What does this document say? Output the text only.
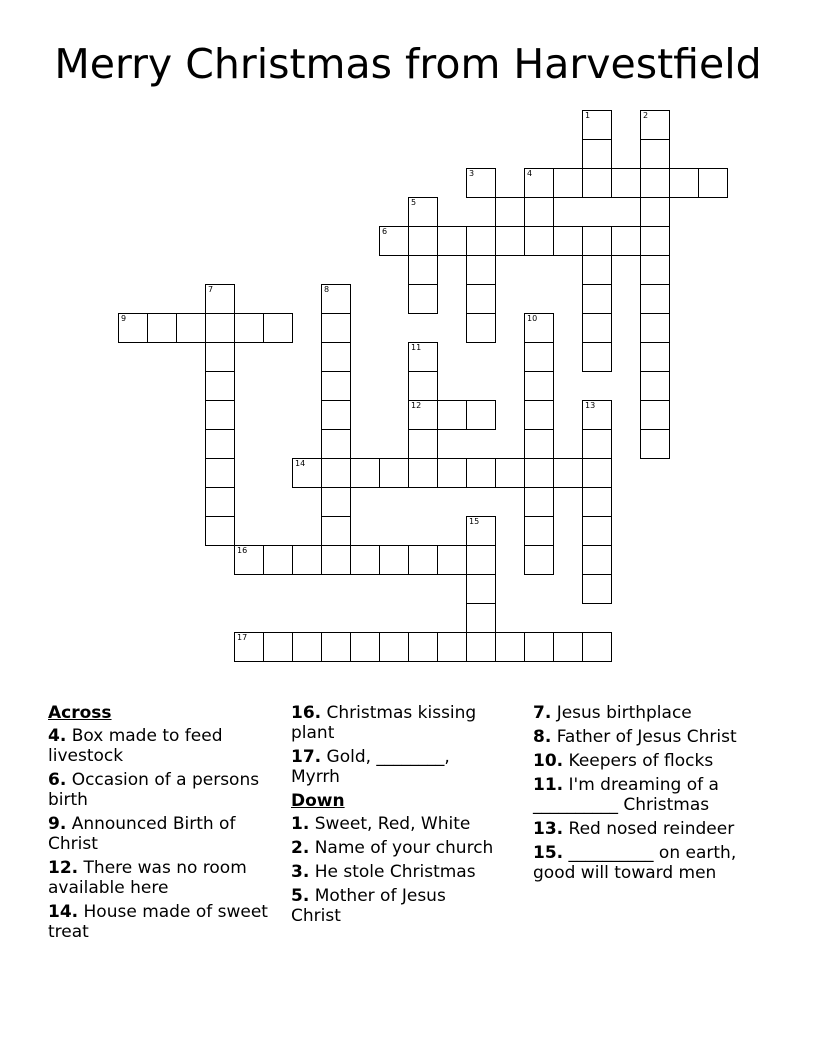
Merry Christmas from Harvestfield
1	2
3	4
5
6
7	8
9	10
11
12	13
14
15
16
17
Across
4. Box made to feed livestock
6. Occasion of a persons birth
9. Announced Birth of Christ
12. There was no room available here
14. House made of sweet treat
16. Christmas kissing plant
17. Gold, ________, Myrrh
Down
1. Sweet, Red, White
2. Name of your church
3. He stole Christmas
5. Mother of Jesus Christ
7. Jesus birthplace
8. Father of Jesus Christ
10. Keepers of flocks
11. I'm dreaming of a __________ Christmas
13. Red nosed reindeer
15. __________ on earth, good will toward men
